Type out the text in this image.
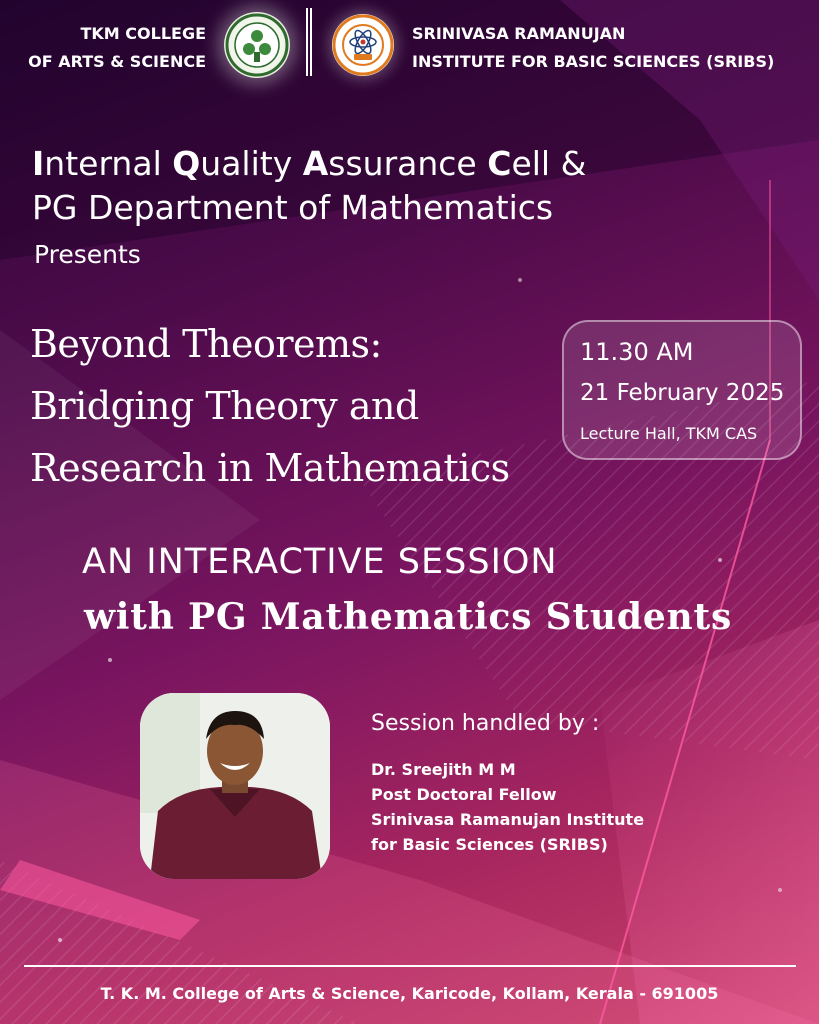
TKM COLLEGE
OF ARTS & SCIENCE
SRINIVASA RAMANUJAN
INSTITUTE FOR BASIC SCIENCES (SRIBS)
Internal Quality Assurance Cell &
PG Department of Mathematics
Presents
Beyond Theorems:
Bridging Theory and
Research in Mathematics
11.30 AM
21 February 2025
Lecture Hall, TKM CAS
AN INTERACTIVE SESSION
with PG Mathematics Students
Session handled by :
Dr. Sreejith M M
Post Doctoral Fellow
Srinivasa Ramanujan Institute
for Basic Sciences (SRIBS)
T. K. M. College of Arts & Science, Karicode, Kollam, Kerala - 691005
